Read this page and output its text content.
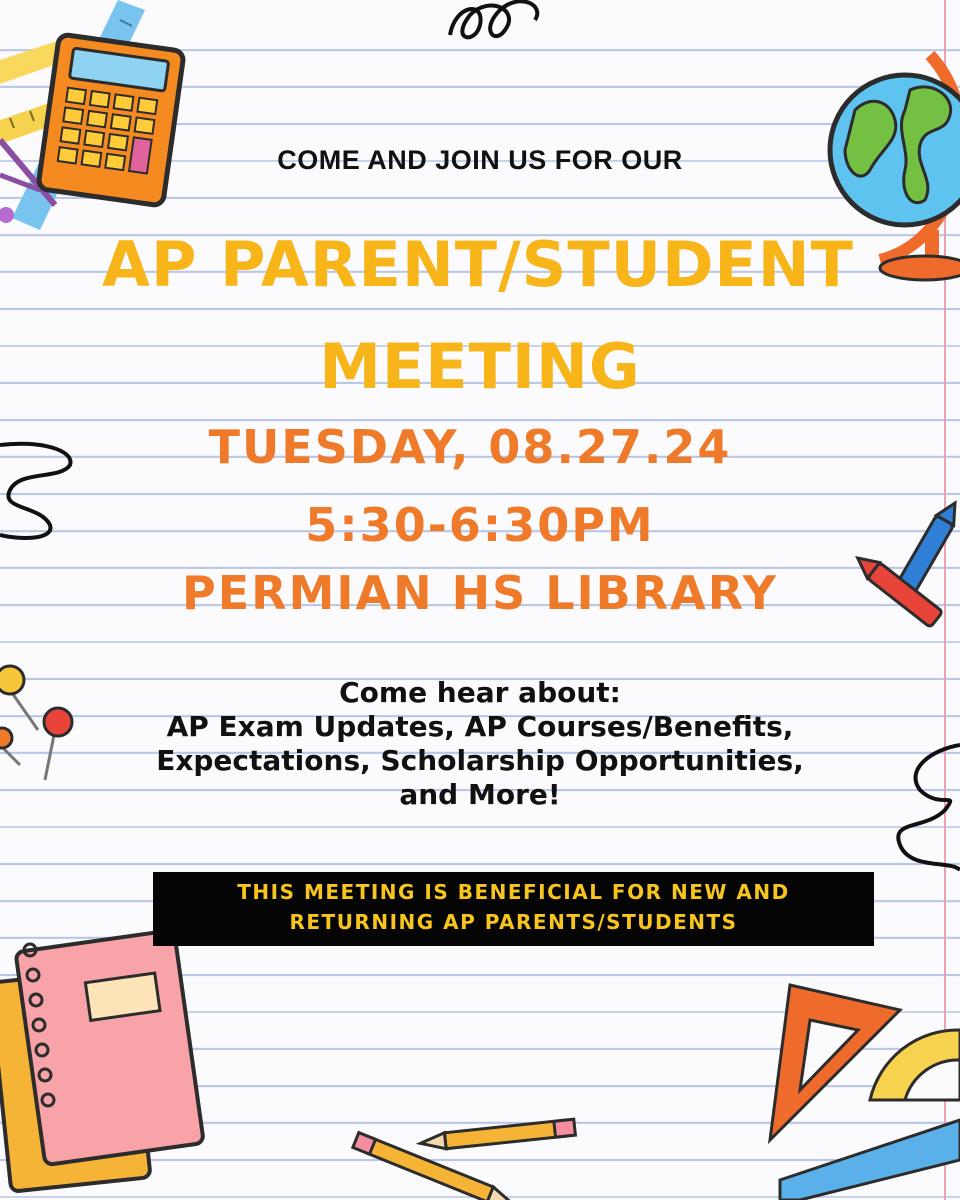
COME AND JOIN US FOR OUR

AP PARENT/STUDENT

MEETING

TUESDAY, 08.27.24

5:30-6:30PM

PERMIAN HS LIBRARY

Come hear about:
AP Exam Updates, AP Courses/Benefits,
Expectations, Scholarship Opportunities,
and More!
THIS MEETING IS BENEFICIAL FOR NEW AND
RETURNING AP PARENTS/STUDENTS
